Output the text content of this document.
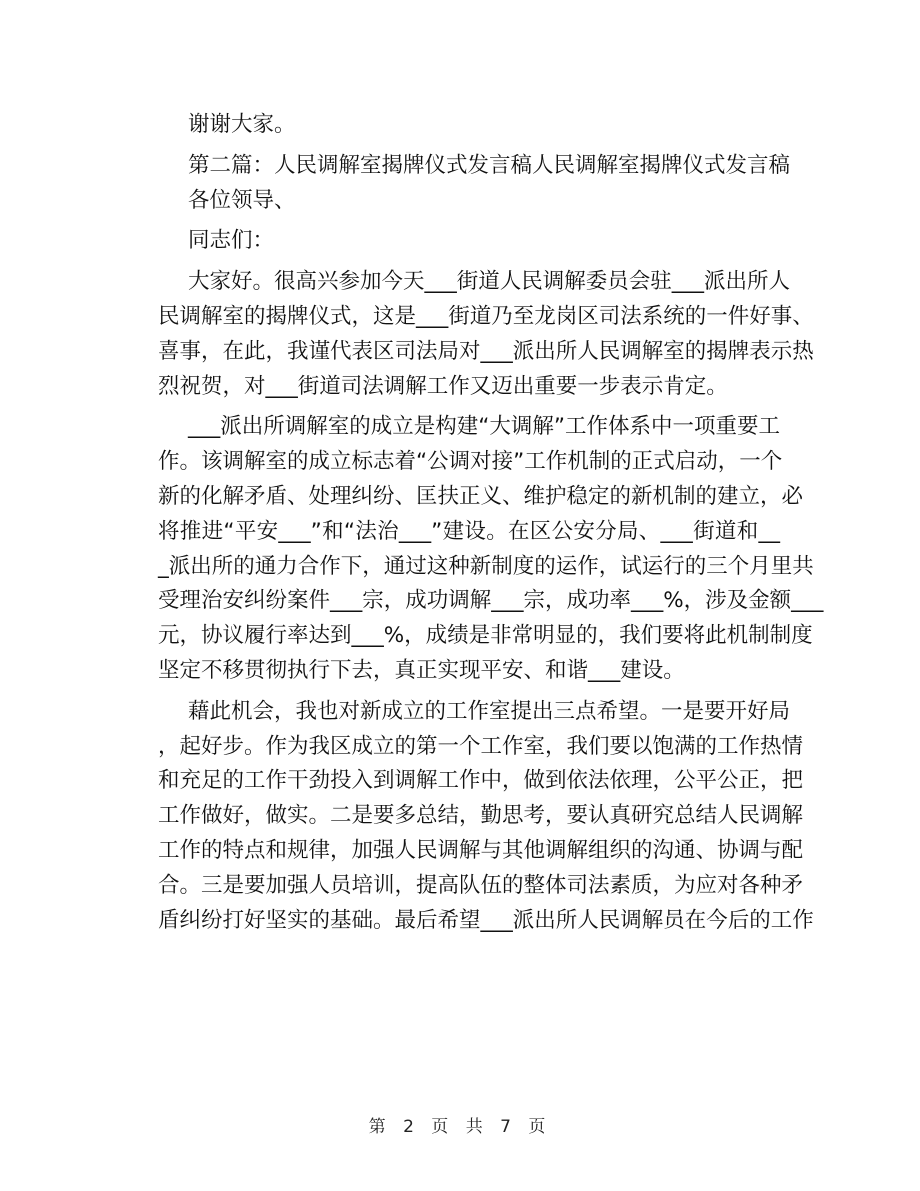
谢谢大家。

第二篇：人民调解室揭牌仪式发言稿人民调解室揭牌仪式发言稿

各位领导、

同志们：

大家好。很高兴参加今天___街道人民调解委员会驻___派出所人

民调解室的揭牌仪式，这是___街道乃至龙岗区司法系统的一件好事、

喜事，在此，我谨代表区司法局对___派出所人民调解室的揭牌表示热

烈祝贺，对___街道司法调解工作又迈出重要一步表示肯定。

___派出所调解室的成立是构建“大调解”工作体系中一项重要工

作。该调解室的成立标志着“公调对接”工作机制的正式启动，一个

新的化解矛盾、处理纠纷、匡扶正义、维护稳定的新机制的建立，必

将推进“平安___”和“法治___”建设。在区公安分局、___街道和__

_派出所的通力合作下，通过这种新制度的运作，试运行的三个月里共

受理治安纠纷案件___宗，成功调解___宗，成功率___%，涉及金额___

元，协议履行率达到___%，成绩是非常明显的，我们要将此机制制度

坚定不移贯彻执行下去，真正实现平安、和谐___建设。

藉此机会，我也对新成立的工作室提出三点希望。一是要开好局

，起好步。作为我区成立的第一个工作室，我们要以饱满的工作热情

和充足的工作干劲投入到调解工作中，做到依法依理，公平公正，把

工作做好，做实。二是要多总结，勤思考，要认真研究总结人民调解

工作的特点和规律，加强人民调解与其他调解组织的沟通、协调与配

合。三是要加强人员培训，提高队伍的整体司法素质，为应对各种矛

盾纠纷打好坚实的基础。最后希望___派出所人民调解员在今后的工作

第 2 页 共 7 页
